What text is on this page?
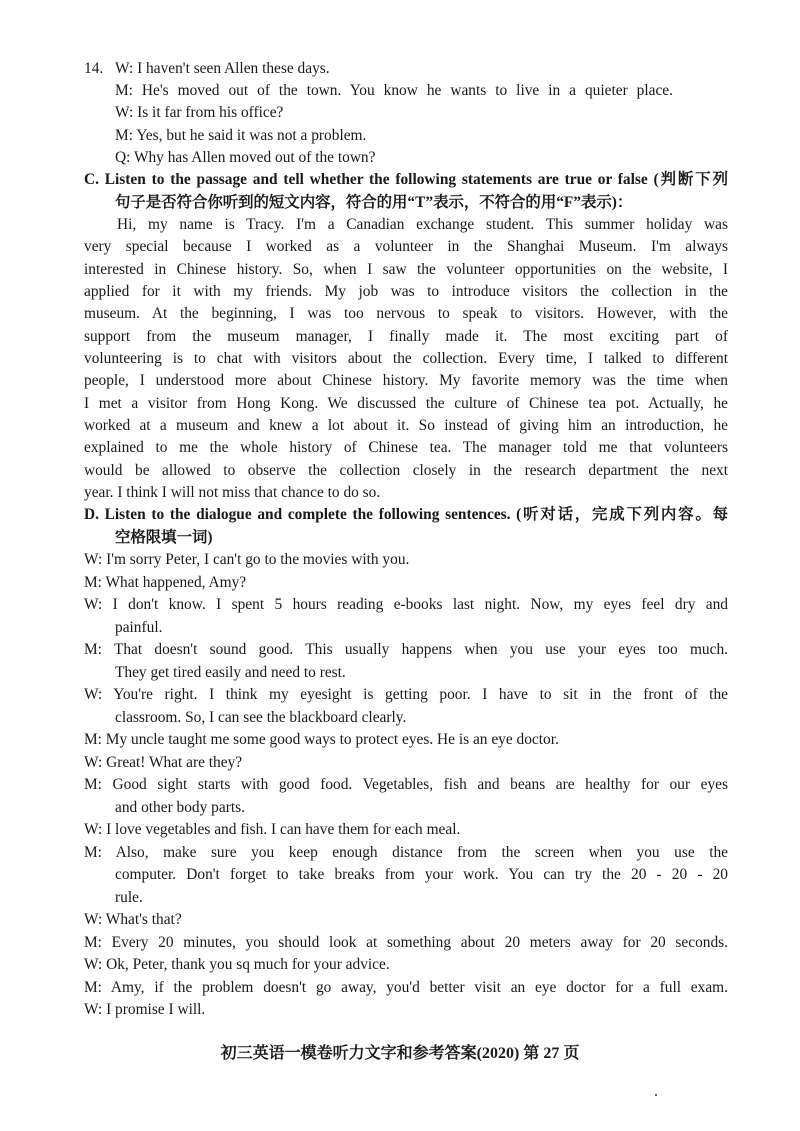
14. W: I haven't seen Allen these days.
M: He's moved out of the town. You know he wants to live in a quieter place.
W: Is it far from his office?
M: Yes, but he said it was not a problem.
Q: Why has Allen moved out of the town?
C. Listen to the passage and tell whether the following statements are true or false (判断下列
句子是否符合你听到的短文内容，符合的用“T”表示，不符合的用“F”表示)：
Hi, my name is Tracy. I'm a Canadian exchange student. This summer holiday was
very special because I worked as a volunteer in the Shanghai Museum. I'm always
interested in Chinese history. So, when I saw the volunteer opportunities on the website, I
applied for it with my friends. My job was to introduce visitors the collection in the
museum. At the beginning, I was too nervous to speak to visitors. However, with the
support from the museum manager, I finally made it. The most exciting part of
volunteering is to chat with visitors about the collection. Every time, I talked to different
people, I understood more about Chinese history. My favorite memory was the time when
I met a visitor from Hong Kong. We discussed the culture of Chinese tea pot. Actually, he
worked at a museum and knew a lot about it. So instead of giving him an introduction, he
explained to me the whole history of Chinese tea. The manager told me that volunteers
would be allowed to observe the collection closely in the research department the next
year. I think I will not miss that chance to do so.
D. Listen to the dialogue and complete the following sentences. (听对话，完成下列内容。每
空格限填一词)
W: I'm sorry Peter, I can't go to the movies with you.
M: What happened, Amy?
W: I don't know. I spent 5 hours reading e-books last night. Now, my eyes feel dry and
painful.
M: That doesn't sound good. This usually happens when you use your eyes too much.
They get tired easily and need to rest.
W: You're right. I think my eyesight is getting poor. I have to sit in the front of the
classroom. So, I can see the blackboard clearly.
M: My uncle taught me some good ways to protect eyes. He is an eye doctor.
W: Great! What are they?
M: Good sight starts with good food. Vegetables, fish and beans are healthy for our eyes
and other body parts.
W: I love vegetables and fish. I can have them for each meal.
M: Also, make sure you keep enough distance from the screen when you use the
computer. Don't forget to take breaks from your work. You can try the 20 - 20 - 20
rule.
W: What's that?
M: Every 20 minutes, you should look at something about 20 meters away for 20 seconds.
W: Ok, Peter, thank you sq much for your advice.
M: Amy, if the problem doesn't go away, you'd better visit an eye doctor for a full exam.
W: I promise I will.
初三英语一模卷听力文字和参考答案(2020) 第 27 页
